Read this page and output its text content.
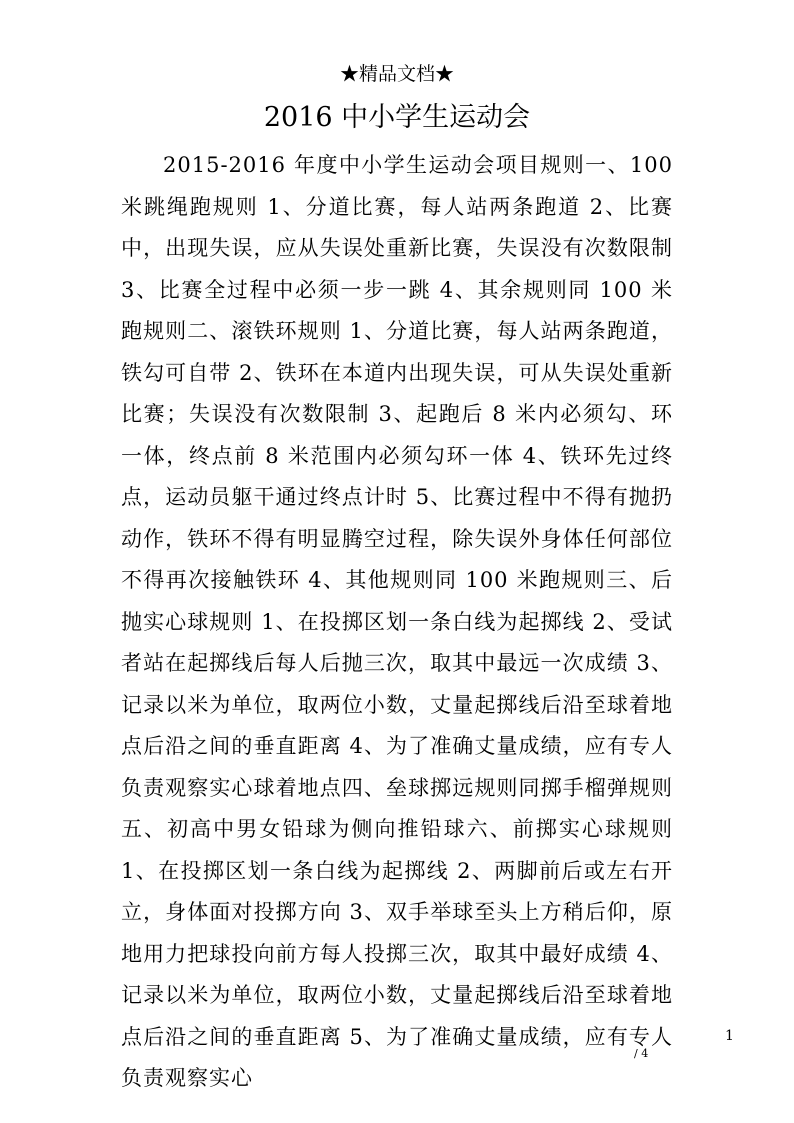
★精品文档★
2016 中小学生运动会

2015-2016 年度中小学生运动会项目规则一、100 米跳绳跑规则 1、分道比赛，每人站两条跑道 2、比赛中，出现失误，应从失误处重新比赛，失误没有次数限制 3、比赛全过程中必须一步一跳 4、其余规则同 100 米跑规则二、滚铁环规则 1、分道比赛，每人站两条跑道，铁勾可自带 2、铁环在本道内出现失误，可从失误处重新比赛；失误没有次数限制 3、起跑后 8 米内必须勾、环一体，终点前 8 米范围内必须勾环一体 4、铁环先过终点，运动员躯干通过终点计时 5、比赛过程中不得有抛扔动作，铁环不得有明显腾空过程，除失误外身体任何部位不得再次接触铁环 4、其他规则同 100 米跑规则三、后抛实心球规则 1、在投掷区划一条白线为起掷线 2、受试者站在起掷线后每人后抛三次，取其中最远一次成绩 3、记录以米为单位，取两位小数，丈量起掷线后沿至球着地点后沿之间的垂直距离 4、为了准确丈量成绩，应有专人负责观察实心球着地点四、垒球掷远规则同掷手榴弹规则五、初高中男女铅球为侧向推铅球六、前掷实心球规则 1、在投掷区划一条白线为起掷线 2、两脚前后或左右开立，身体面对投掷方向 3、双手举球至头上方稍后仰，原地用力把球投向前方每人投掷三次，取其中最好成绩 4、记录以米为单位，取两位小数，丈量起掷线后沿至球着地点后沿之间的垂直距离 5、为了准确丈量成绩，应有专人负责观察实心

1
/ 4
